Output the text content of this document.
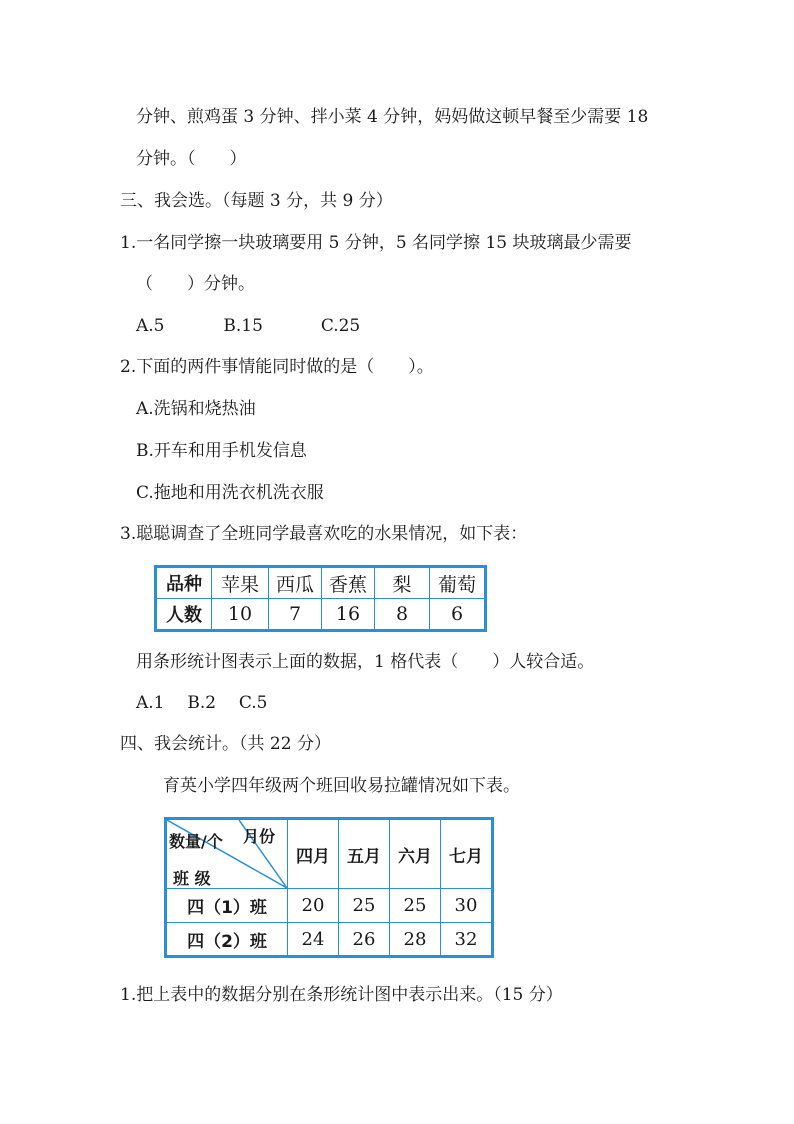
分钟、煎鸡蛋 3 分钟、拌小菜 4 分钟，妈妈做这顿早餐至少需要 18
分钟。（　　）
三、我会选。（每题 3 分，共 9 分）
1.一名同学擦一块玻璃要用 5 分钟，5 名同学擦 15 块玻璃最少需要
（　　）分钟。
A.5	B.15	C.25
2.下面的两件事情能同时做的是（　　）。
A.洗锅和烧热油
B.开车和用手机发信息
C.拖地和用洗衣机洗衣服
3.聪聪调查了全班同学最喜欢吃的水果情况，如下表：
品种	苹果	西瓜	香蕉	梨	葡萄
人数	10	7	16	8	6
用条形统计图表示上面的数据，1 格代表（　　）人较合适。
A.1 B.2 C.5
四、我会统计。（共 22 分）
育英小学四年级两个班回收易拉罐情况如下表。
月份
数量/个
班 级	四月	五月	六月	七月
四（1）班	20	25	25	30
四（2）班	24	26	28	32
1.把上表中的数据分别在条形统计图中表示出来。（15 分）
